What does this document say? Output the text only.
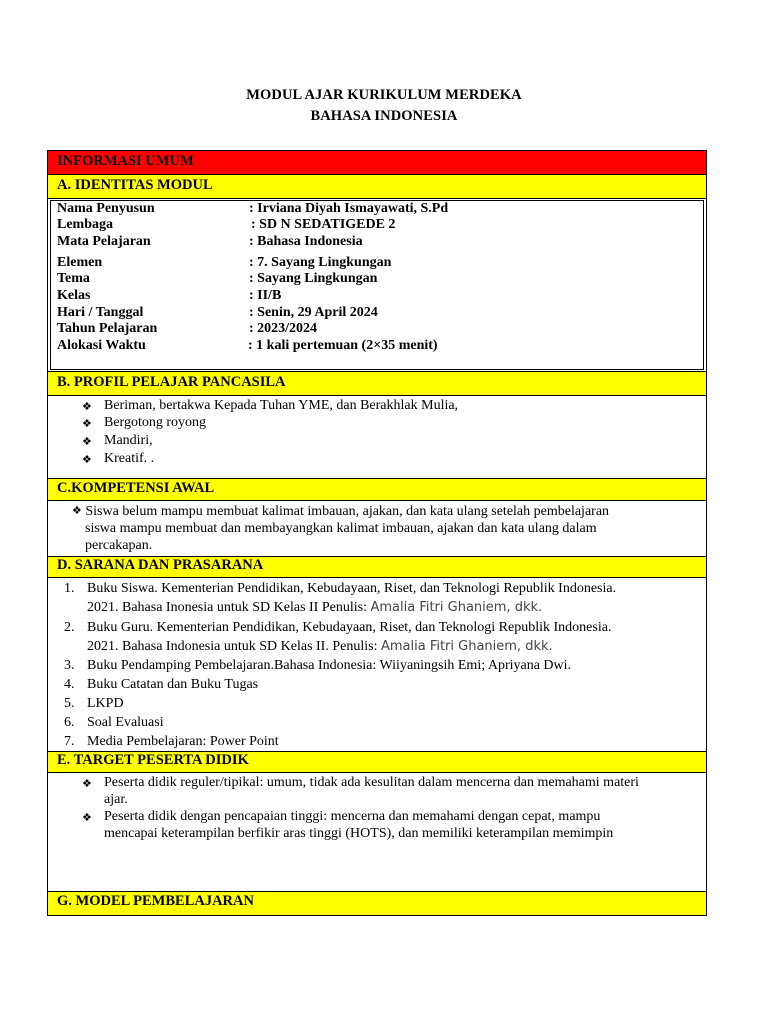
MODUL AJAR KURIKULUM MERDEKA
BAHASA INDONESIA
INFORMASI UMUM
A. IDENTITAS MODUL
Nama Penyusun	: Irviana Diyah Ismayawati, S.Pd
Lembaga	: SD N SEDATIGEDE 2
Mata Pelajaran	: Bahasa Indonesia
Elemen	: 7. Sayang Lingkungan
Tema	: Sayang Lingkungan
Kelas	: II/B
Hari / Tanggal	: Senin, 29 April 2024
Tahun Pelajaran	: 2023/2024
Alokasi Waktu	: 1 kali pertemuan (2×35 menit)
B. PROFIL PELAJAR PANCASILA
❖ Beriman, bertakwa Kepada Tuhan YME, dan Berakhlak Mulia,
❖ Bergotong royong
❖ Mandiri,
❖ Kreatif. .
C.KOMPETENSI AWAL
❖ Siswa belum mampu membuat kalimat imbauan, ajakan, dan kata ulang setelah pembelajaran
siswa mampu membuat dan membayangkan kalimat imbauan, ajakan dan kata ulang dalam
percakapan.
D. SARANA DAN PRASARANA
1. Buku Siswa. Kementerian Pendidikan, Kebudayaan, Riset, dan Teknologi Republik Indonesia.
2021. Bahasa Inonesia untuk SD Kelas II Penulis: Amalia Fitri Ghaniem, dkk.
2. Buku Guru. Kementerian Pendidikan, Kebudayaan, Riset, dan Teknologi Republik Indonesia.
2021. Bahasa Indonesia untuk SD Kelas II. Penulis: Amalia Fitri Ghaniem, dkk.
3. Buku Pendamping Pembelajaran.Bahasa Indonesia: Wiiyaningsih Emi; Apriyana Dwi.
4. Buku Catatan dan Buku Tugas
5. LKPD
6. Soal Evaluasi
7. Media Pembelajaran: Power Point
E. TARGET PESERTA DIDIK
❖ Peserta didik reguler/tipikal: umum, tidak ada kesulitan dalam mencerna dan memahami materi
ajar.
❖ Peserta didik dengan pencapaian tinggi: mencerna dan memahami dengan cepat, mampu
mencapai keterampilan berfikir aras tinggi (HOTS), dan memiliki keterampilan memimpin
G. MODEL PEMBELAJARAN
